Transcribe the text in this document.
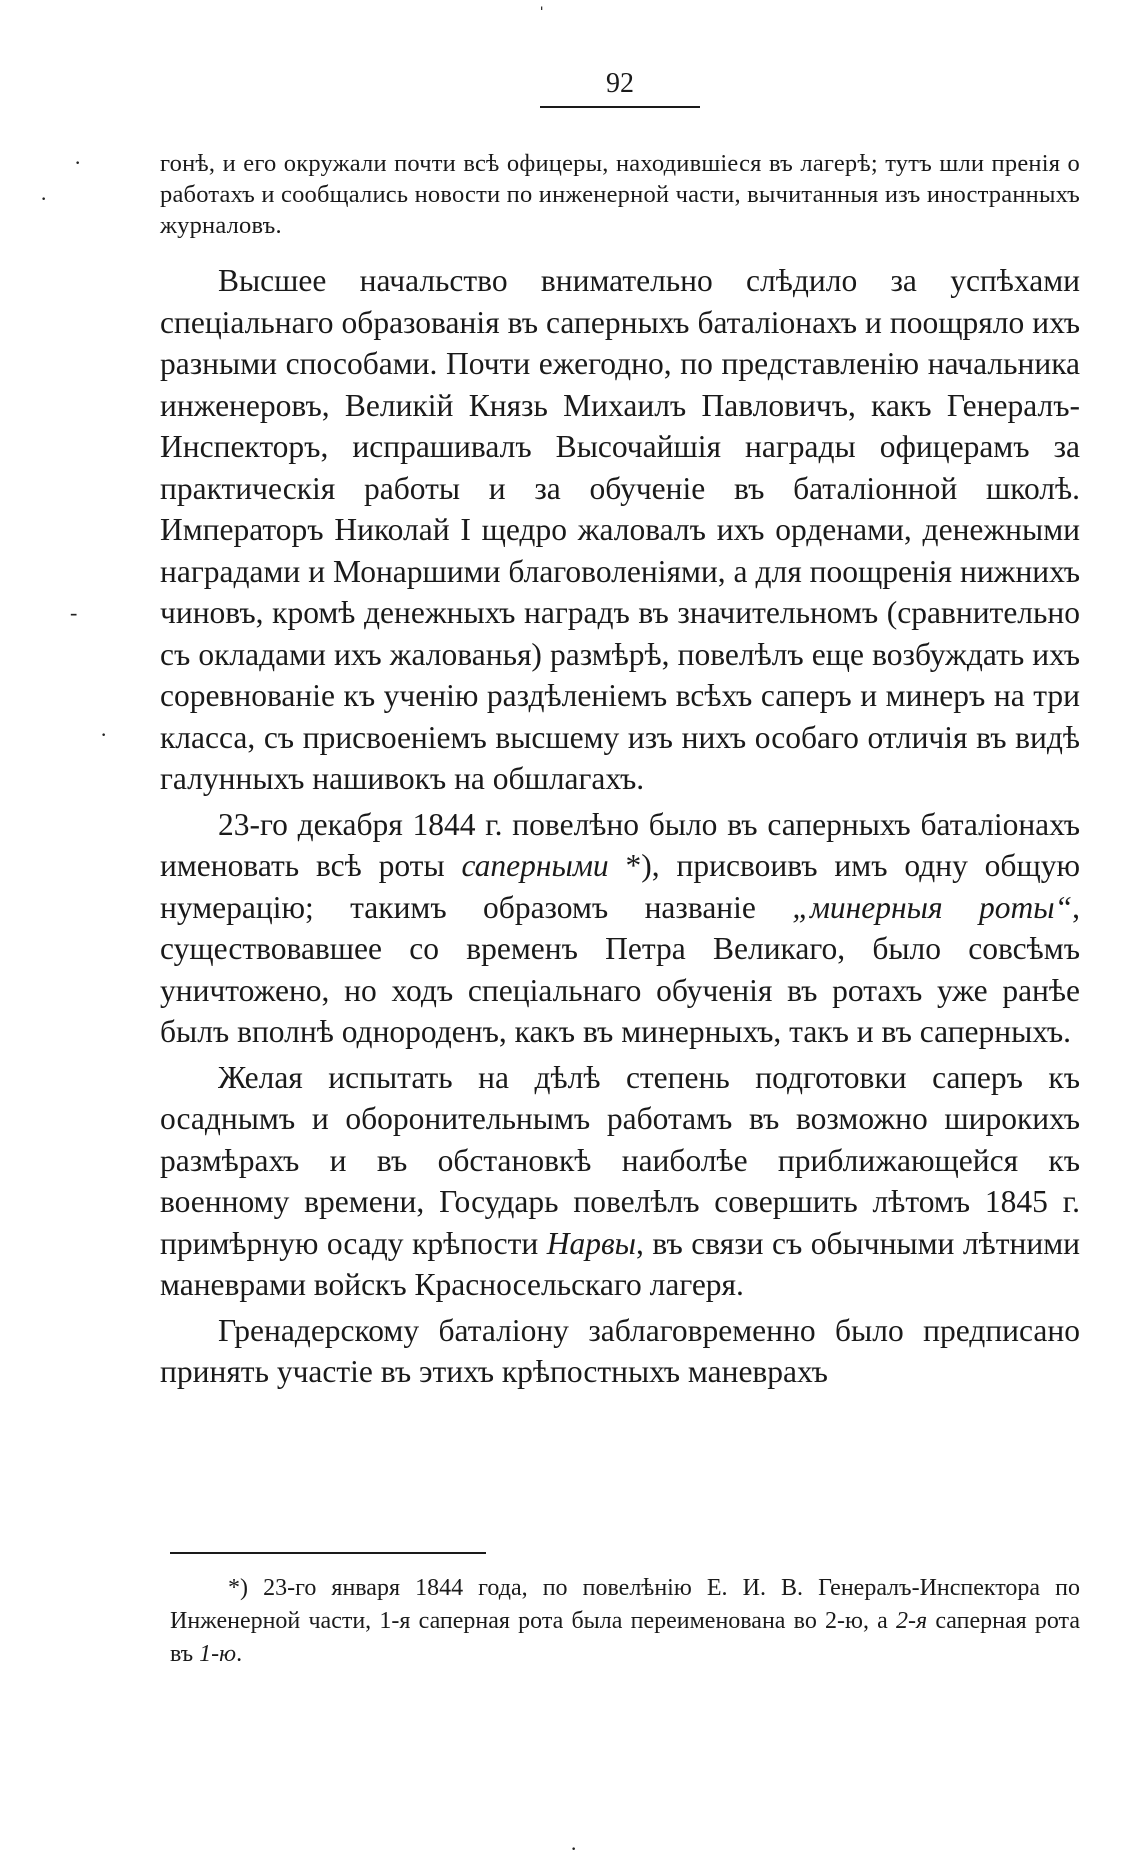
92
гонѣ, и его окружали почти всѣ офицеры, находившіеся въ лагерѣ; тутъ шли пренія о работахъ и сообщались новости по инженерной части, вычитанныя изъ иностранныхъ журналовъ.

Высшее начальство внимательно слѣдило за успѣхами спеціальнаго образованія въ саперныхъ баталіонахъ и поощряло ихъ разными способами. Почти ежегодно, по представленію начальника инженеровъ, Великій Князь Михаилъ Павловичъ, какъ Генералъ-Инспекторъ, испрашивалъ Высочайшія награды офицерамъ за практическія работы и за обученіе въ баталіонной школѣ. Императоръ Николай I щедро жаловалъ ихъ орденами, денежными наградами и Монаршими благоволеніями, а для поощренія нижнихъ чиновъ, кромѣ денежныхъ наградъ въ значительномъ (сравнительно съ окладами ихъ жалованья) размѣрѣ, повелѣлъ еще возбуждать ихъ соревнованіе къ ученію раздѣленіемъ всѣхъ саперъ и минеръ на три класса, съ присвоеніемъ высшему изъ нихъ особаго отличія въ видѣ галунныхъ нашивокъ на обшлагахъ.

23-го декабря 1844 г. повелѣно было въ саперныхъ баталіонахъ именовать всѣ роты саперными *), присвоивъ имъ одну общую нумерацію; такимъ образомъ названіе „минерныя роты“, существовавшее со временъ Петра Великаго, было совсѣмъ уничтожено, но ходъ спеціальнаго обученія въ ротахъ уже ранѣе былъ вполнѣ однороденъ, какъ въ минерныхъ, такъ и въ саперныхъ.

Желая испытать на дѣлѣ степень подготовки саперъ къ осаднымъ и оборонительнымъ работамъ въ возможно широкихъ размѣрахъ и въ обстановкѣ наиболѣе приближающейся къ военному времени, Государь повелѣлъ совершить лѣтомъ 1845 г. примѣрную осаду крѣпости Нарвы, въ связи съ обычными лѣтними маневрами войскъ Красносельскаго лагеря.

Гренадерскому баталіону заблаговременно было предписано принять участіе въ этихъ крѣпостныхъ маневрахъ

*) 23-го января 1844 года, по повелѣнію Е. И. В. Генералъ-Инспектора по Инженерной части, 1-я саперная рота была переименована во 2-ю, а 2-я саперная рота въ 1-ю.
ˈ
·
·
-
·
·
